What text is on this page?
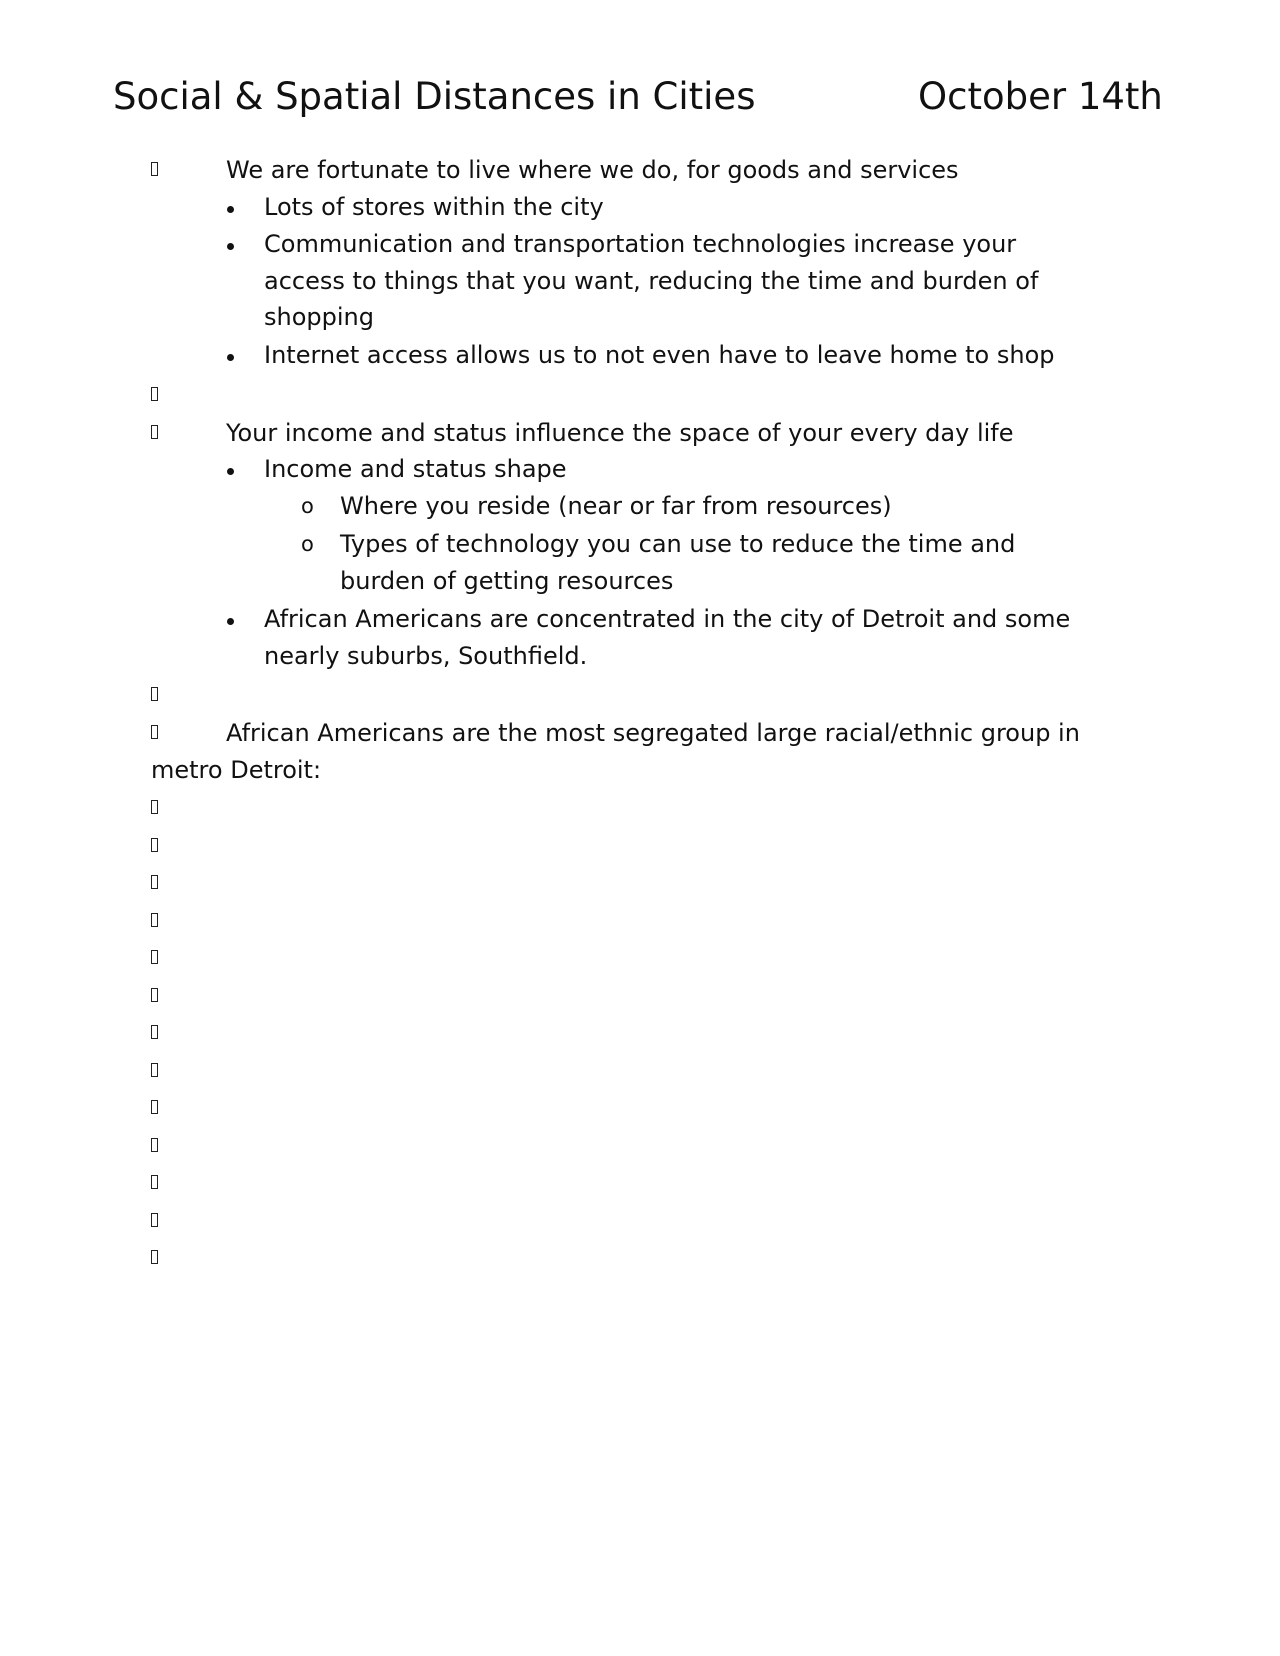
Social & Spatial Distances in Cities	October 14th
We are fortunate to live where we do, for goods and services
Lots of stores within the city
Communication and transportation technologies increase your
access to things that you want, reducing the time and burden of
shopping
Internet access allows us to not even have to leave home to shop
Your income and status influence the space of your every day life
Income and status shape
o Where you reside (near or far from resources)
o Types of technology you can use to reduce the time and
burden of getting resources
African Americans are concentrated in the city of Detroit and some
nearly suburbs, Southfield.
African Americans are the most segregated large racial/ethnic group in
metro Detroit:
